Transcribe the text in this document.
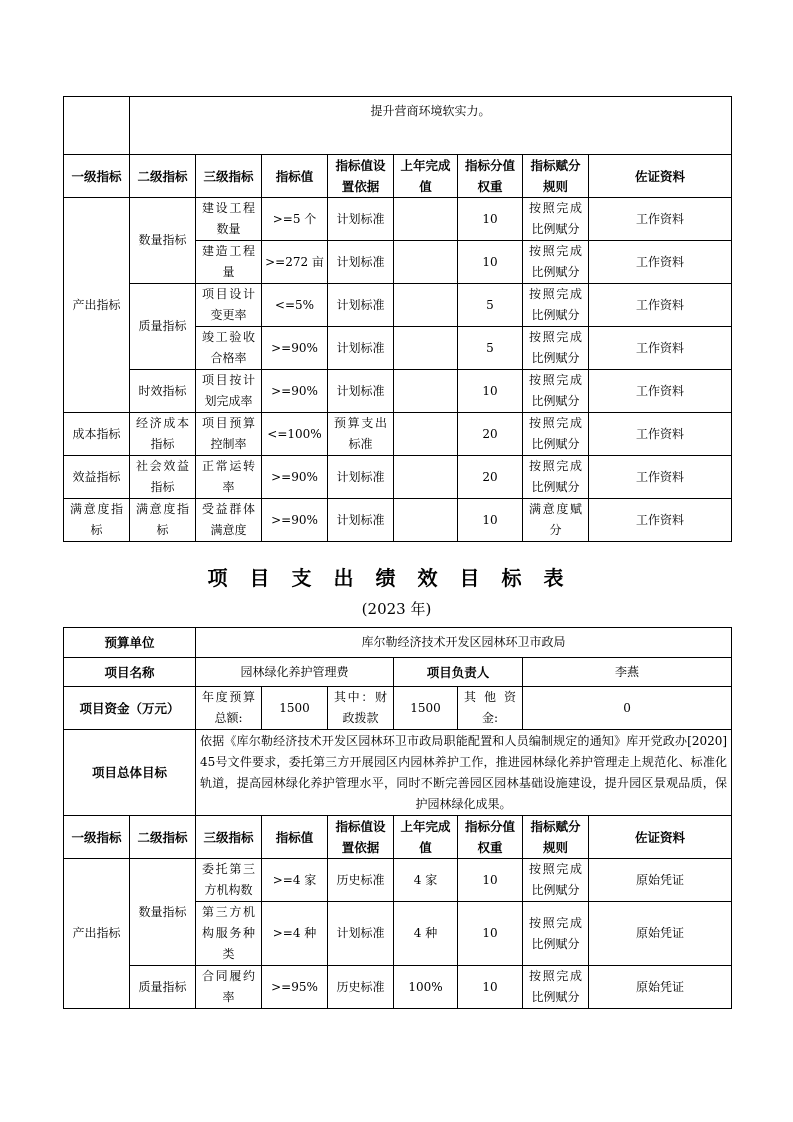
	提升营商环境软实力。							
一级指标	二级指标	三级指标	指标值	指标值设置依据	上年完成值	指标分值权重	指标赋分规则	佐证资料
产出指标	数量指标	建设工程数量	>=5 个	计划标准		10	按照完成比例赋分	工作资料
		建造工程量	>=272 亩	计划标准		10	按照完成比例赋分	工作资料
	质量指标	项目设计变更率	<=5%	计划标准		5	按照完成比例赋分	工作资料
		竣工验收合格率	>=90%	计划标准		5	按照完成比例赋分	工作资料
	时效指标	项目按计划完成率	>=90%	计划标准		10	按照完成比例赋分	工作资料
成本指标	经济成本指标	项目预算控制率	<=100%	预算支出标准		20	按照完成比例赋分	工作资料
效益指标	社会效益指标	正常运转率	>=90%	计划标准		20	按照完成比例赋分	工作资料
满意度指标	满意度指标	受益群体满意度	>=90%	计划标准		10	满意度赋分	工作资料
项目支出绩效目标表
(2023 年)
预算单位		库尔勒经济技术开发区园林环卫市政局						
项目名称		园林绿化养护管理费			项目负责人		李燕	
项目资金（万元）		年度预算总额:	1500	其中：财政拨款	1500	其他资金:	0	
项目总体目标		依据《库尔勒经济技术开发区园林环卫市政局职能配置和人员编制规定的通知》库开党政办[2020]45号文件要求，委托第三方开展园区内园林养护工作，推进园林绿化养护管理走上规范化、标准化轨道，提高园林绿化养护管理水平，同时不断完善园区园林基础设施建设，提升园区景观品质，保护园林绿化成果。						
一级指标	二级指标	三级指标	指标值	指标值设置依据	上年完成值	指标分值权重	指标赋分规则	佐证资料
产出指标	数量指标	委托第三方机构数	>=4 家	历史标准	4 家	10	按照完成比例赋分	原始凭证
		第三方机构服务种类	>=4 种	计划标准	4 种	10	按照完成比例赋分	原始凭证
	质量指标	合同履约率	>=95%	历史标准	100%	10	按照完成比例赋分	原始凭证
